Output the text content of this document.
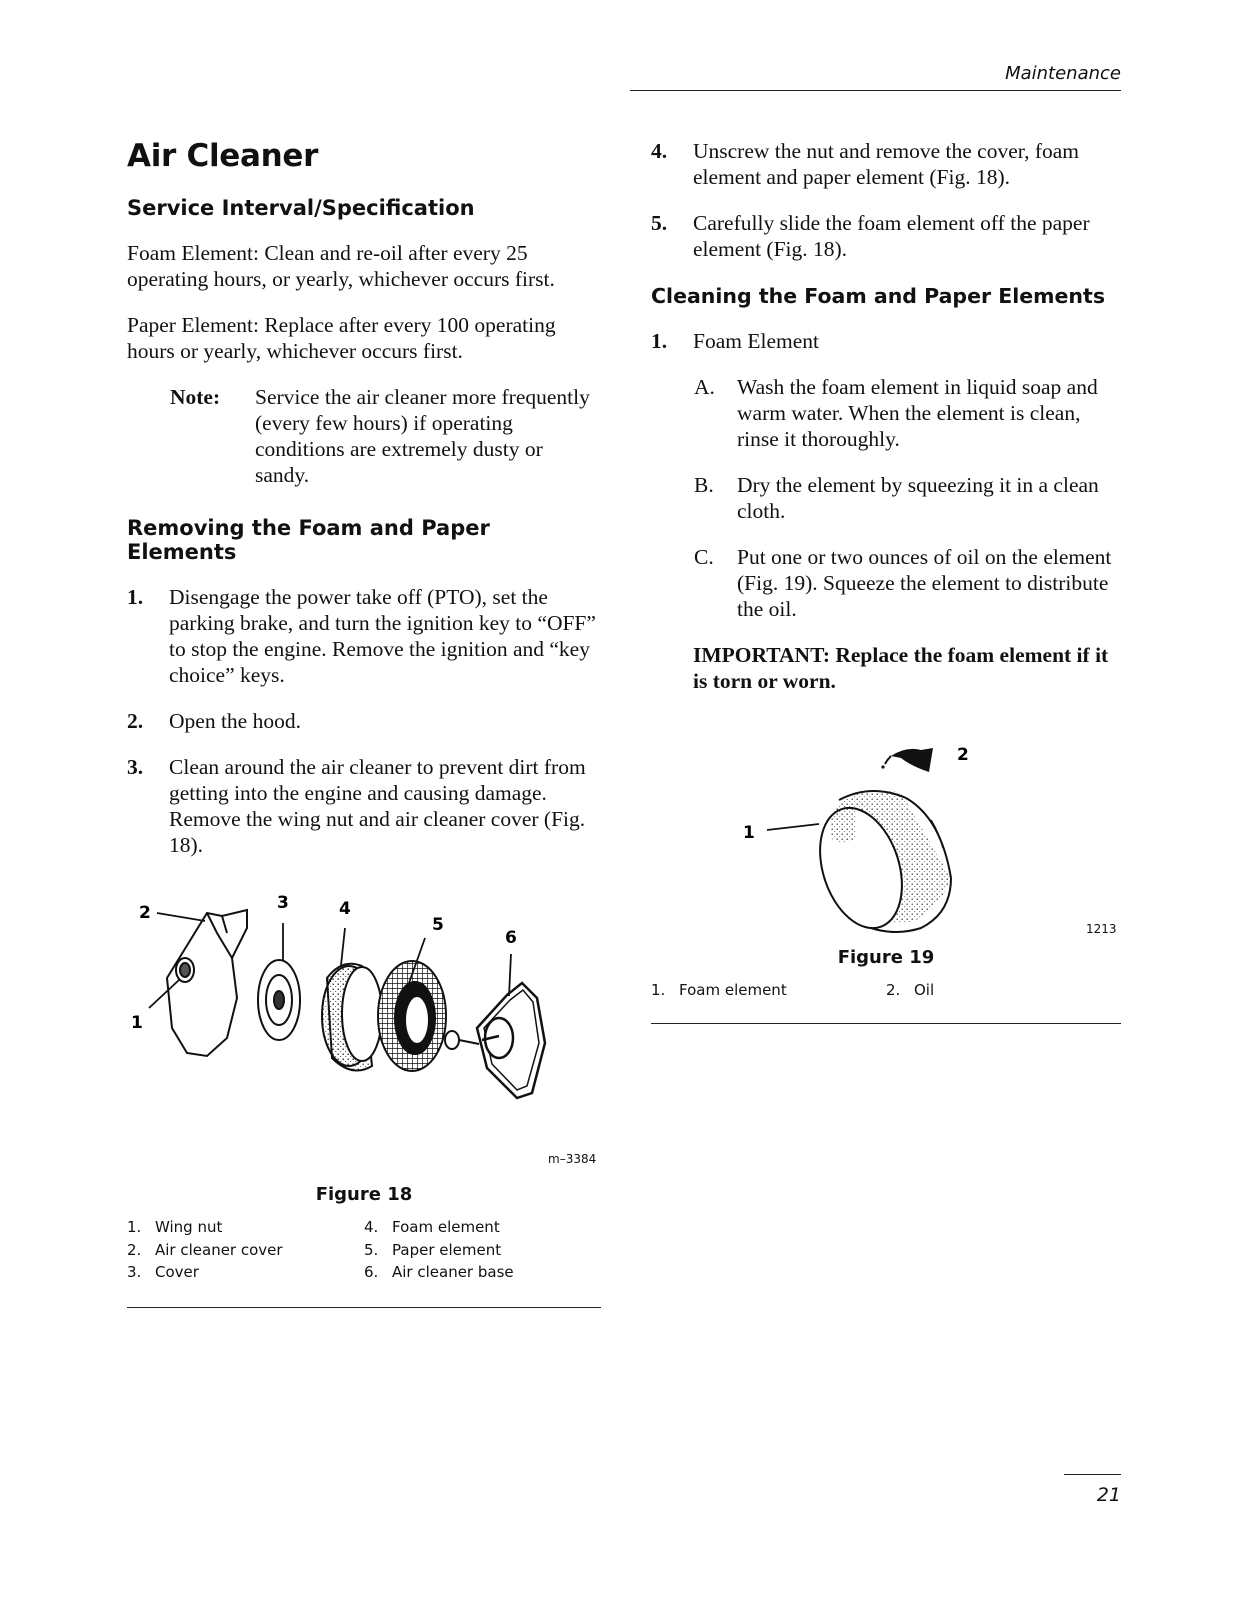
Maintenance
Air Cleaner
Service Interval/Specification

Foam Element: Clean and re-oil after every 25 operating hours, or yearly, whichever occurs first.

Paper Element: Replace after every 100 operating hours or yearly, whichever occurs first.

Note:	Service the air cleaner more frequently (every few hours) if operating conditions are extremely dusty or sandy.
Removing the Foam and Paper Elements
1.	Disengage the power take off (PTO), set the parking brake, and turn the ignition key to “OFF” to stop the engine. Remove the ignition and “key choice” keys.
2.	Open the hood.
3.	Clean around the air cleaner to prevent dirt from getting into the engine and causing damage. Remove the wing nut and air cleaner cover (Fig. 18).
2
1
3	4
5
6
m–3384
Figure 18
1. Wing nut	4. Foam element
2. Air cleaner cover	5. Paper element
3. Cover	6. Air cleaner base
4.	Unscrew the nut and remove the cover, foam element and paper element (Fig. 18).
5.	Carefully slide the foam element off the paper element (Fig. 18).
Cleaning the Foam and Paper Elements
1.	Foam Element
A.	Wash the foam element in liquid soap and warm water. When the element is clean, rinse it thoroughly.
B.	Dry the element by squeezing it in a clean cloth.
C.	Put one or two ounces of oil on the element (Fig. 19). Squeeze the element to distribute the oil.
IMPORTANT: Replace the foam element if it is torn or worn.
1
2
1213
Figure 19
1. Foam element	2. Oil
21
